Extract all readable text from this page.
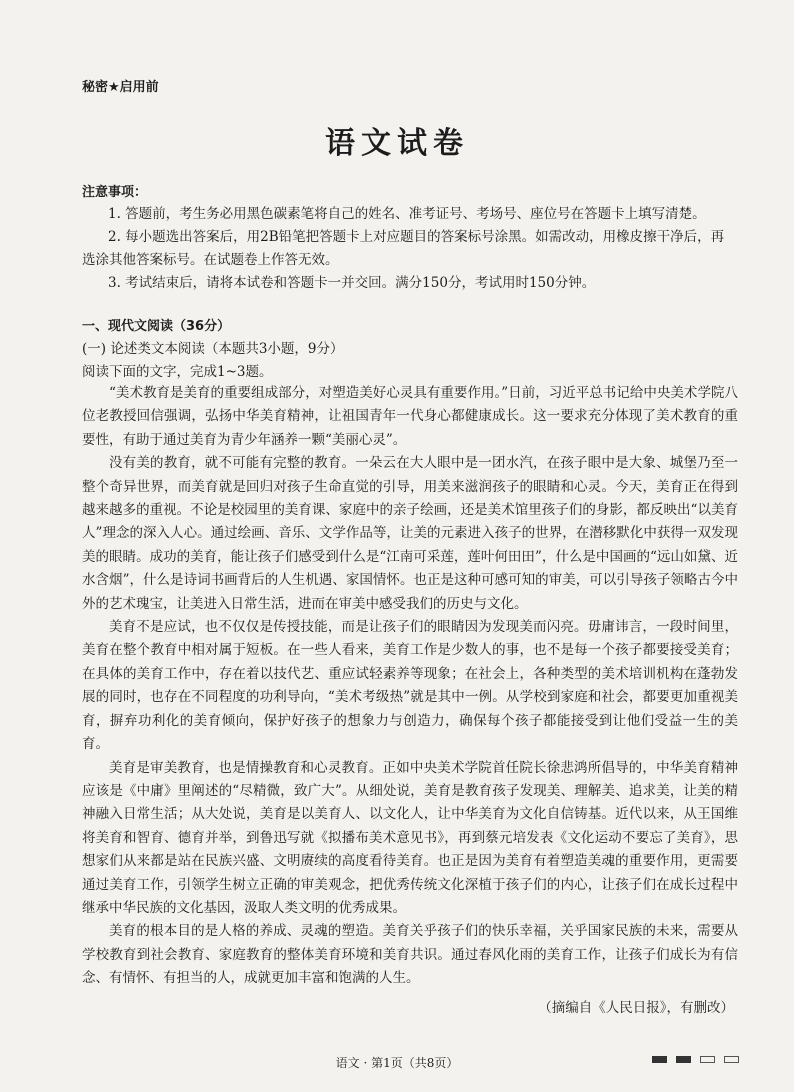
秘密★启用前
语文试卷
注意事项：

1. 答题前，考生务必用黑色碳素笔将自己的姓名、准考证号、考场号、座位号在答题卡上填写清楚。

2. 每小题选出答案后，用2B铅笔把答题卡上对应题目的答案标号涂黑。如需改动，用橡皮擦干净后，再选涂其他答案标号。在试题卷上作答无效。

3. 考试结束后，请将本试卷和答题卡一并交回。满分150分，考试用时150分钟。

一、现代文阅读（36分）
(一) 论述类文本阅读（本题共3小题，9分）
阅读下面的文字，完成1~3题。

“美术教育是美育的重要组成部分，对塑造美好心灵具有重要作用。”日前，习近平总书记给中央美术学院八位老教授回信强调，弘扬中华美育精神，让祖国青年一代身心都健康成长。这一要求充分体现了美术教育的重要性，有助于通过美育为青少年涵养一颗“美丽心灵”。

没有美的教育，就不可能有完整的教育。一朵云在大人眼中是一团水汽，在孩子眼中是大象、城堡乃至一整个奇异世界，而美育就是回归对孩子生命直觉的引导，用美来滋润孩子的眼睛和心灵。今天，美育正在得到越来越多的重视。不论是校园里的美育课、家庭中的亲子绘画，还是美术馆里孩子们的身影，都反映出“以美育人”理念的深入人心。通过绘画、音乐、文学作品等，让美的元素进入孩子的世界，在潜移默化中获得一双发现美的眼睛。成功的美育，能让孩子们感受到什么是“江南可采莲，莲叶何田田”，什么是中国画的“远山如黛、近水含烟”，什么是诗词书画背后的人生机遇、家国情怀。也正是这种可感可知的审美，可以引导孩子领略古今中外的艺术瑰宝，让美进入日常生活，进而在审美中感受我们的历史与文化。

美育不是应试，也不仅仅是传授技能，而是让孩子们的眼睛因为发现美而闪亮。毋庸讳言，一段时间里，美育在整个教育中相对属于短板。在一些人看来，美育工作是少数人的事，也不是每一个孩子都要接受美育；在具体的美育工作中，存在着以技代艺、重应试轻素养等现象；在社会上，各种类型的美术培训机构在蓬勃发展的同时，也存在不同程度的功利导向，“美术考级热”就是其中一例。从学校到家庭和社会，都要更加重视美育，摒弃功利化的美育倾向，保护好孩子的想象力与创造力，确保每个孩子都能接受到让他们受益一生的美育。

美育是审美教育，也是情操教育和心灵教育。正如中央美术学院首任院长徐悲鸿所倡导的，中华美育精神应该是《中庸》里阐述的“尽精微，致广大”。从细处说，美育是教育孩子发现美、理解美、追求美，让美的精神融入日常生活；从大处说，美育是以美育人、以文化人，让中华美育为文化自信铸基。近代以来，从王国维将美育和智育、德育并举，到鲁迅写就《拟播布美术意见书》，再到蔡元培发表《文化运动不要忘了美育》，思想家们从来都是站在民族兴盛、文明赓续的高度看待美育。也正是因为美育有着塑造美魂的重要作用，更需要通过美育工作，引领学生树立正确的审美观念，把优秀传统文化深植于孩子们的内心，让孩子们在成长过程中继承中华民族的文化基因，汲取人类文明的优秀成果。

美育的根本目的是人格的养成、灵魂的塑造。美育关乎孩子们的快乐幸福，关乎国家民族的未来，需要从学校教育到社会教育、家庭教育的整体美育环境和美育共识。通过春风化雨的美育工作，让孩子们成长为有信念、有情怀、有担当的人，成就更加丰富和饱满的人生。

（摘编自《人民日报》，有删改）
语文 · 第1页（共8页）
